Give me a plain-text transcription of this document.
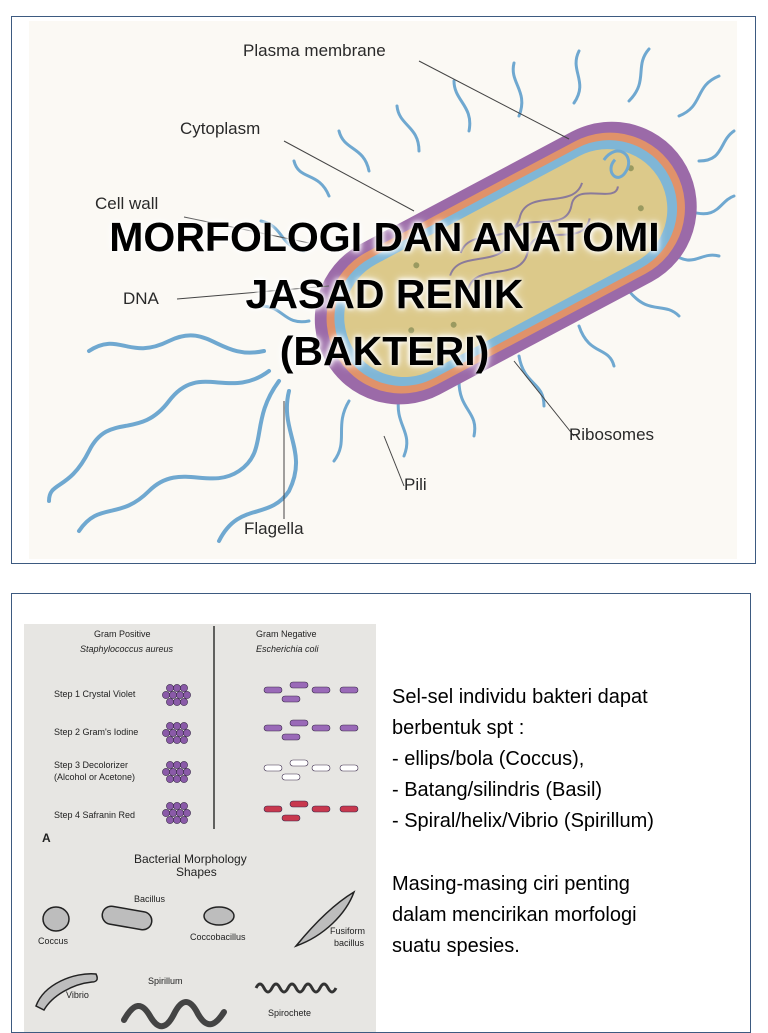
Plasma membrane
Cytoplasm
Cell wall
DNA
Ribosomes
Pili
Flagella
MORFOLOGI DAN ANATOMI
JASAD RENIK
(BAKTERI)
Gram Positive
Staphylococcus aureus
Gram Negative
Escherichia coli
Step 1 Crystal Violet
Step 2 Gram's Iodine
Step 3 Decolorizer
(Alcohol or Acetone)
Step 4 Safranin Red
A
Bacterial Morphology
Shapes
Coccus
Bacillus
Coccobacillus
Fusiform
bacillus
Vibrio
Spirillum
Spirochete
Sel-sel individu bakteri dapat
berbentuk spt :
- ellips/bola (Coccus),
- Batang/silindris (Basil)
- Spiral/helix/Vibrio (Spirillum)
Masing-masing ciri penting
dalam mencirikan morfologi
suatu spesies.
